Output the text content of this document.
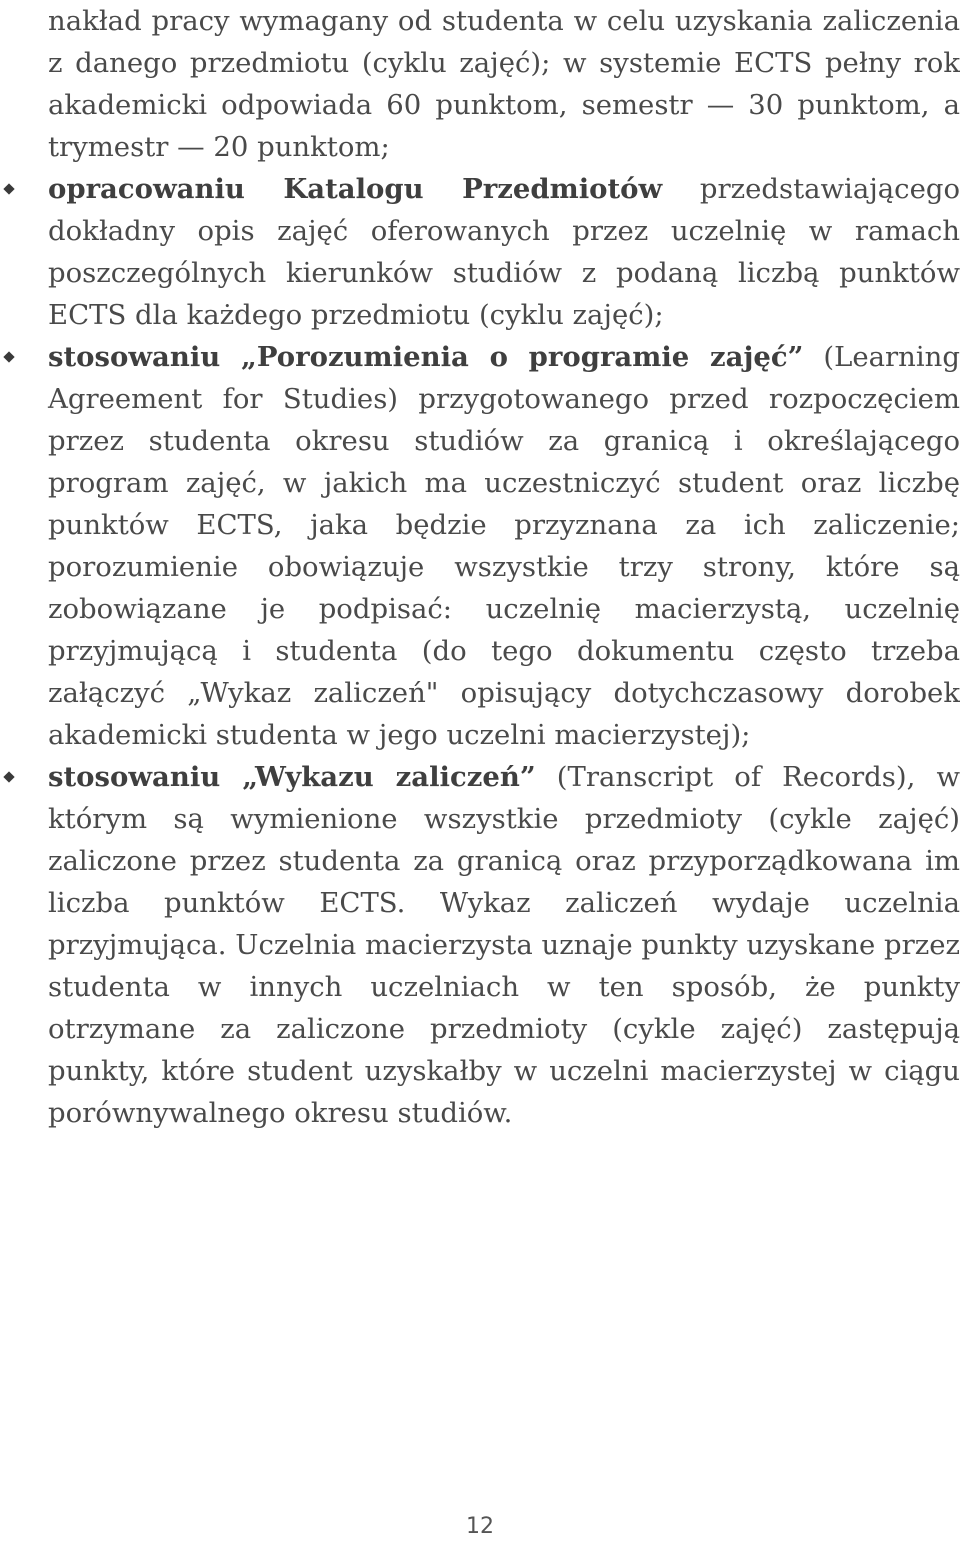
nakład pracy wymagany od studenta w celu uzyskania zaliczenia z danego przedmiotu (cyklu zajęć); w systemie ECTS pełny rok akademicki odpowiada 60 punktom, semestr — 30 punktom, a trymestr — 20 punktom;

opracowaniu Katalogu Przedmiotów przedstawiającego dokładny opis zajęć oferowanych przez uczelnię w ramach poszczególnych kierunków studiów z podaną liczbą punktów ECTS dla każdego przedmiotu (cyklu zajęć);
stosowaniu „Porozumienia o programie zajęć” (Learning Agreement for Studies) przygotowanego przed rozpoczęciem przez studenta okresu studiów za granicą i określającego program zajęć, w jakich ma uczestniczyć student oraz liczbę punktów ECTS, jaka będzie przyznana za ich zaliczenie; porozumienie obowiązuje wszystkie trzy strony, które są zobowiązane je podpisać: uczelnię macierzystą, uczelnię przyjmującą i studenta (do tego dokumentu często trzeba załączyć „Wykaz zaliczeń" opisujący dotychczasowy dorobek akademicki studenta w jego uczelni macierzystej);
stosowaniu „Wykazu zaliczeń” (Transcript of Records), w którym są wymienione wszystkie przedmioty (cykle zajęć) zaliczone przez studenta za granicą oraz przyporządkowana im liczba punktów ECTS. Wykaz zaliczeń wydaje uczelnia przyjmująca. Uczelnia macierzysta uznaje punkty uzyskane przez studenta w innych uczelniach w ten sposób, że punkty otrzymane za zaliczone przedmioty (cykle zajęć) zastępują punkty, które student uzyskałby w uczelni macierzystej w ciągu porównywalnego okresu studiów.
12
